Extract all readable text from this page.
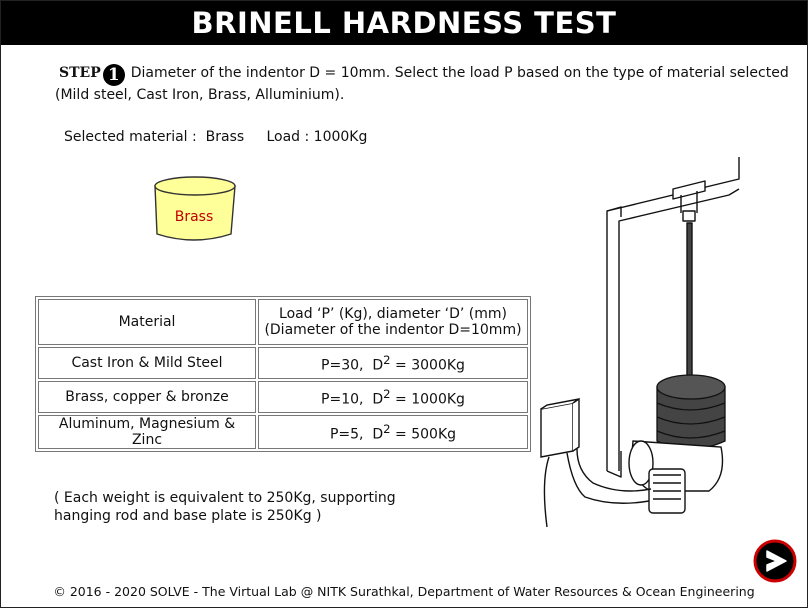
BRINELL HARDNESS TEST
STEP 1 Diameter of the indentor D = 10mm. Select the load P based on the type of material selected
(Mild steel, Cast Iron, Brass, Alluminium).
Selected material : Brass Load : 1000Kg
Brass
Material	Load ‘P’ (Kg), diameter ‘D’ (mm)
(Diameter of the indentor D=10mm)

Cast Iron & Mild Steel	P=30, $D^2 = 3000Kg$
Brass, copper & bronze	P=10, $D^2 = 1000Kg$
Aluminum, Magnesium & Zinc	P=5, $D^2 = 500Kg$
( Each weight is equivalent to 250Kg, supporting
hanging rod and base plate is 250Kg )
© 2016 - 2020 SOLVE - The Virtual Lab @ NITK Surathkal, Department of Water Resources & Ocean Engineering
